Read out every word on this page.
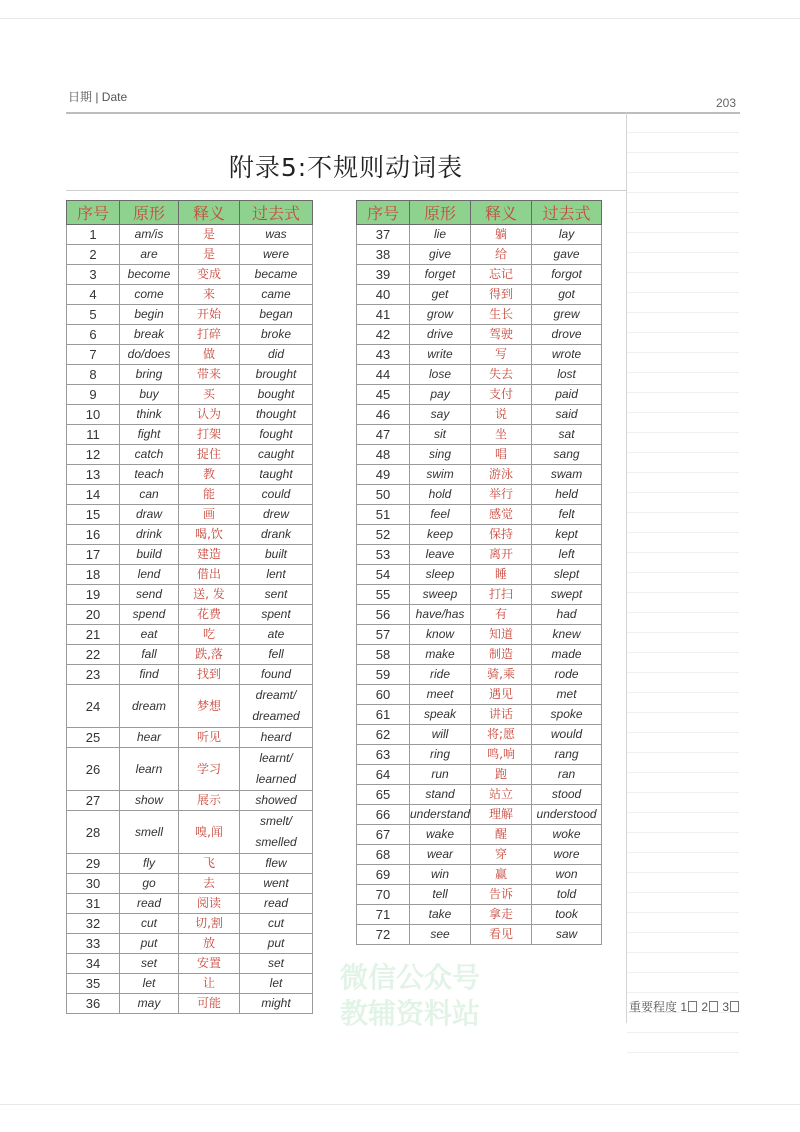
日期 | Date	203
附录5:不规则动词表
序号	原形	释义	过去式
1	am/is	是	was
2	are	是	were
3	become	变成	became
4	come	来	came
5	begin	开始	began
6	break	打碎	broke
7	do/does	做	did
8	bring	带来	brought
9	buy	买	bought
10	think	认为	thought
11	fight	打架	fought
12	catch	捉住	caught
13	teach	教	taught
14	can	能	could
15	draw	画	drew
16	drink	喝,饮	drank
17	build	建造	built
18	lend	借出	lent
19	send	送, 发	sent
20	spend	花费	spent
21	eat	吃	ate
22	fall	跌,落	fell
23	find	找到	found
24	dream	梦想	dreamt/
dreamed

25	hear	听见	heard
26	learn	学习	learnt/
learned

27	show	展示	showed
28	smell	嗅,闻	smelt/
smelled

29	fly	飞	flew
30	go	去	went
31	read	阅读	read
32	cut	切,割	cut
33	put	放	put
34	set	安置	set
35	let	让	let
36	may	可能	might
序号	原形	释义	过去式
37	lie	躺	lay
38	give	给	gave
39	forget	忘记	forgot
40	get	得到	got
41	grow	生长	grew
42	drive	驾驶	drove
43	write	写	wrote
44	lose	失去	lost
45	pay	支付	paid
46	say	说	said
47	sit	坐	sat
48	sing	唱	sang
49	swim	游泳	swam
50	hold	举行	held
51	feel	感觉	felt
52	keep	保持	kept
53	leave	离开	left
54	sleep	睡	slept
55	sweep	打扫	swept
56	have/has	有	had
57	know	知道	knew
58	make	制造	made
59	ride	骑,乘	rode
60	meet	遇见	met
61	speak	讲话	spoke
62	will	将;愿	would
63	ring	鸣,响	rang
64	run	跑	ran
65	stand	站立	stood
66	understand	理解	understood
67	wake	醒	woke
68	wear	穿	wore
69	win	赢	won
70	tell	告诉	told
71	take	拿走	took
72	see	看见	saw
微信公众号
教辅资料站	重要程度 1 2 3
